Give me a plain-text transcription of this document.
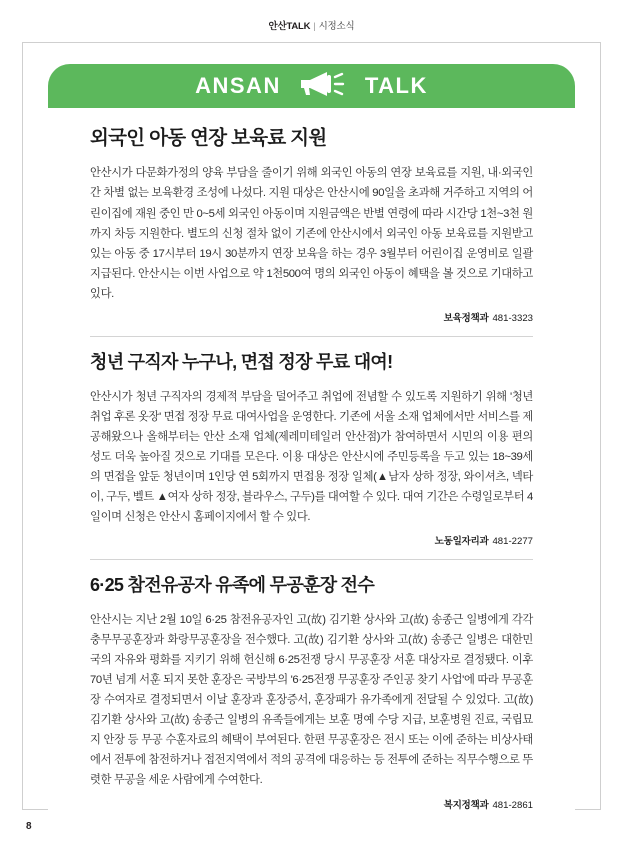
안산TALK | 시정소식
ANSAN	TALK
외국인 아동 연장 보육료 지원

안산시가 다문화가정의 양육 부담을 줄이기 위해 외국인 아동의 연장 보육료를 지원, 내·외국인 간 차별 없는 보육환경 조성에 나섰다. 지원 대상은 안산시에 90일을 초과해 거주하고 지역의 어린이집에 재원 중인 만 0~5세 외국인 아동이며 지원금액은 반별 연령에 따라 시간당 1천~3천 원까지 차등 지원한다. 별도의 신청 절차 없이 기존에 안산시에서 외국인 아동 보육료를 지원받고 있는 아동 중 17시부터 19시 30분까지 연장 보육을 하는 경우 3월부터 어린이집 운영비로 일괄 지급된다. 안산시는 이번 사업으로 약 1천500여 명의 외국인 아동이 혜택을 볼 것으로 기대하고 있다.

보육정책과 481-3323
청년 구직자 누구나, 면접 정장 무료 대여!

안산시가 청년 구직자의 경제적 부담을 덜어주고 취업에 전념할 수 있도록 지원하기 위해 '청년 취업 후론 옷장' 면접 정장 무료 대여사업을 운영한다. 기존에 서울 소재 업체에서만 서비스를 제공해왔으나 올해부터는 안산 소재 업체(제레미테일러 안산점)가 참여하면서 시민의 이용 편의성도 더욱 높아질 것으로 기대를 모은다. 이용 대상은 안산시에 주민등록을 두고 있는 18~39세의 면접을 앞둔 청년이며 1인당 연 5회까지 면접용 정장 일체(▲남자 상하 정장, 와이셔츠, 넥타이, 구두, 벨트 ▲여자 상하 정장, 블라우스, 구두)를 대여할 수 있다. 대여 기간은 수령일로부터 4일이며 신청은 안산시 홈페이지에서 할 수 있다.

노동일자리과 481-2277
6·25 참전유공자 유족에 무공훈장 전수

안산시는 지난 2월 10일 6·25 참전유공자인 고(故) 김기환 상사와 고(故) 송종근 일병에게 각각 충무무공훈장과 화랑무공훈장을 전수했다. 고(故) 김기환 상사와 고(故) 송종근 일병은 대한민국의 자유와 평화를 지키기 위해 헌신해 6·25전쟁 당시 무공훈장 서훈 대상자로 결정됐다. 이후 70년 넘게 서훈 되지 못한 훈장은 국방부의 '6·25전쟁 무공훈장 주인공 찾기 사업'에 따라 무공훈장 수여자로 결정되면서 이날 훈장과 훈장증서, 훈장패가 유가족에게 전달될 수 있었다. 고(故) 김기환 상사와 고(故) 송종근 일병의 유족들에게는 보훈 명예 수당 지급, 보훈병원 진료, 국립묘지 안장 등 무공 수훈자료의 혜택이 부여된다. 한편 무공훈장은 전시 또는 이에 준하는 비상사태에서 전투에 참전하거나 접전지역에서 적의 공격에 대응하는 등 전투에 준하는 직무수행으로 뚜렷한 무공을 세운 사람에게 수여한다.

복지정책과 481-2861
8
